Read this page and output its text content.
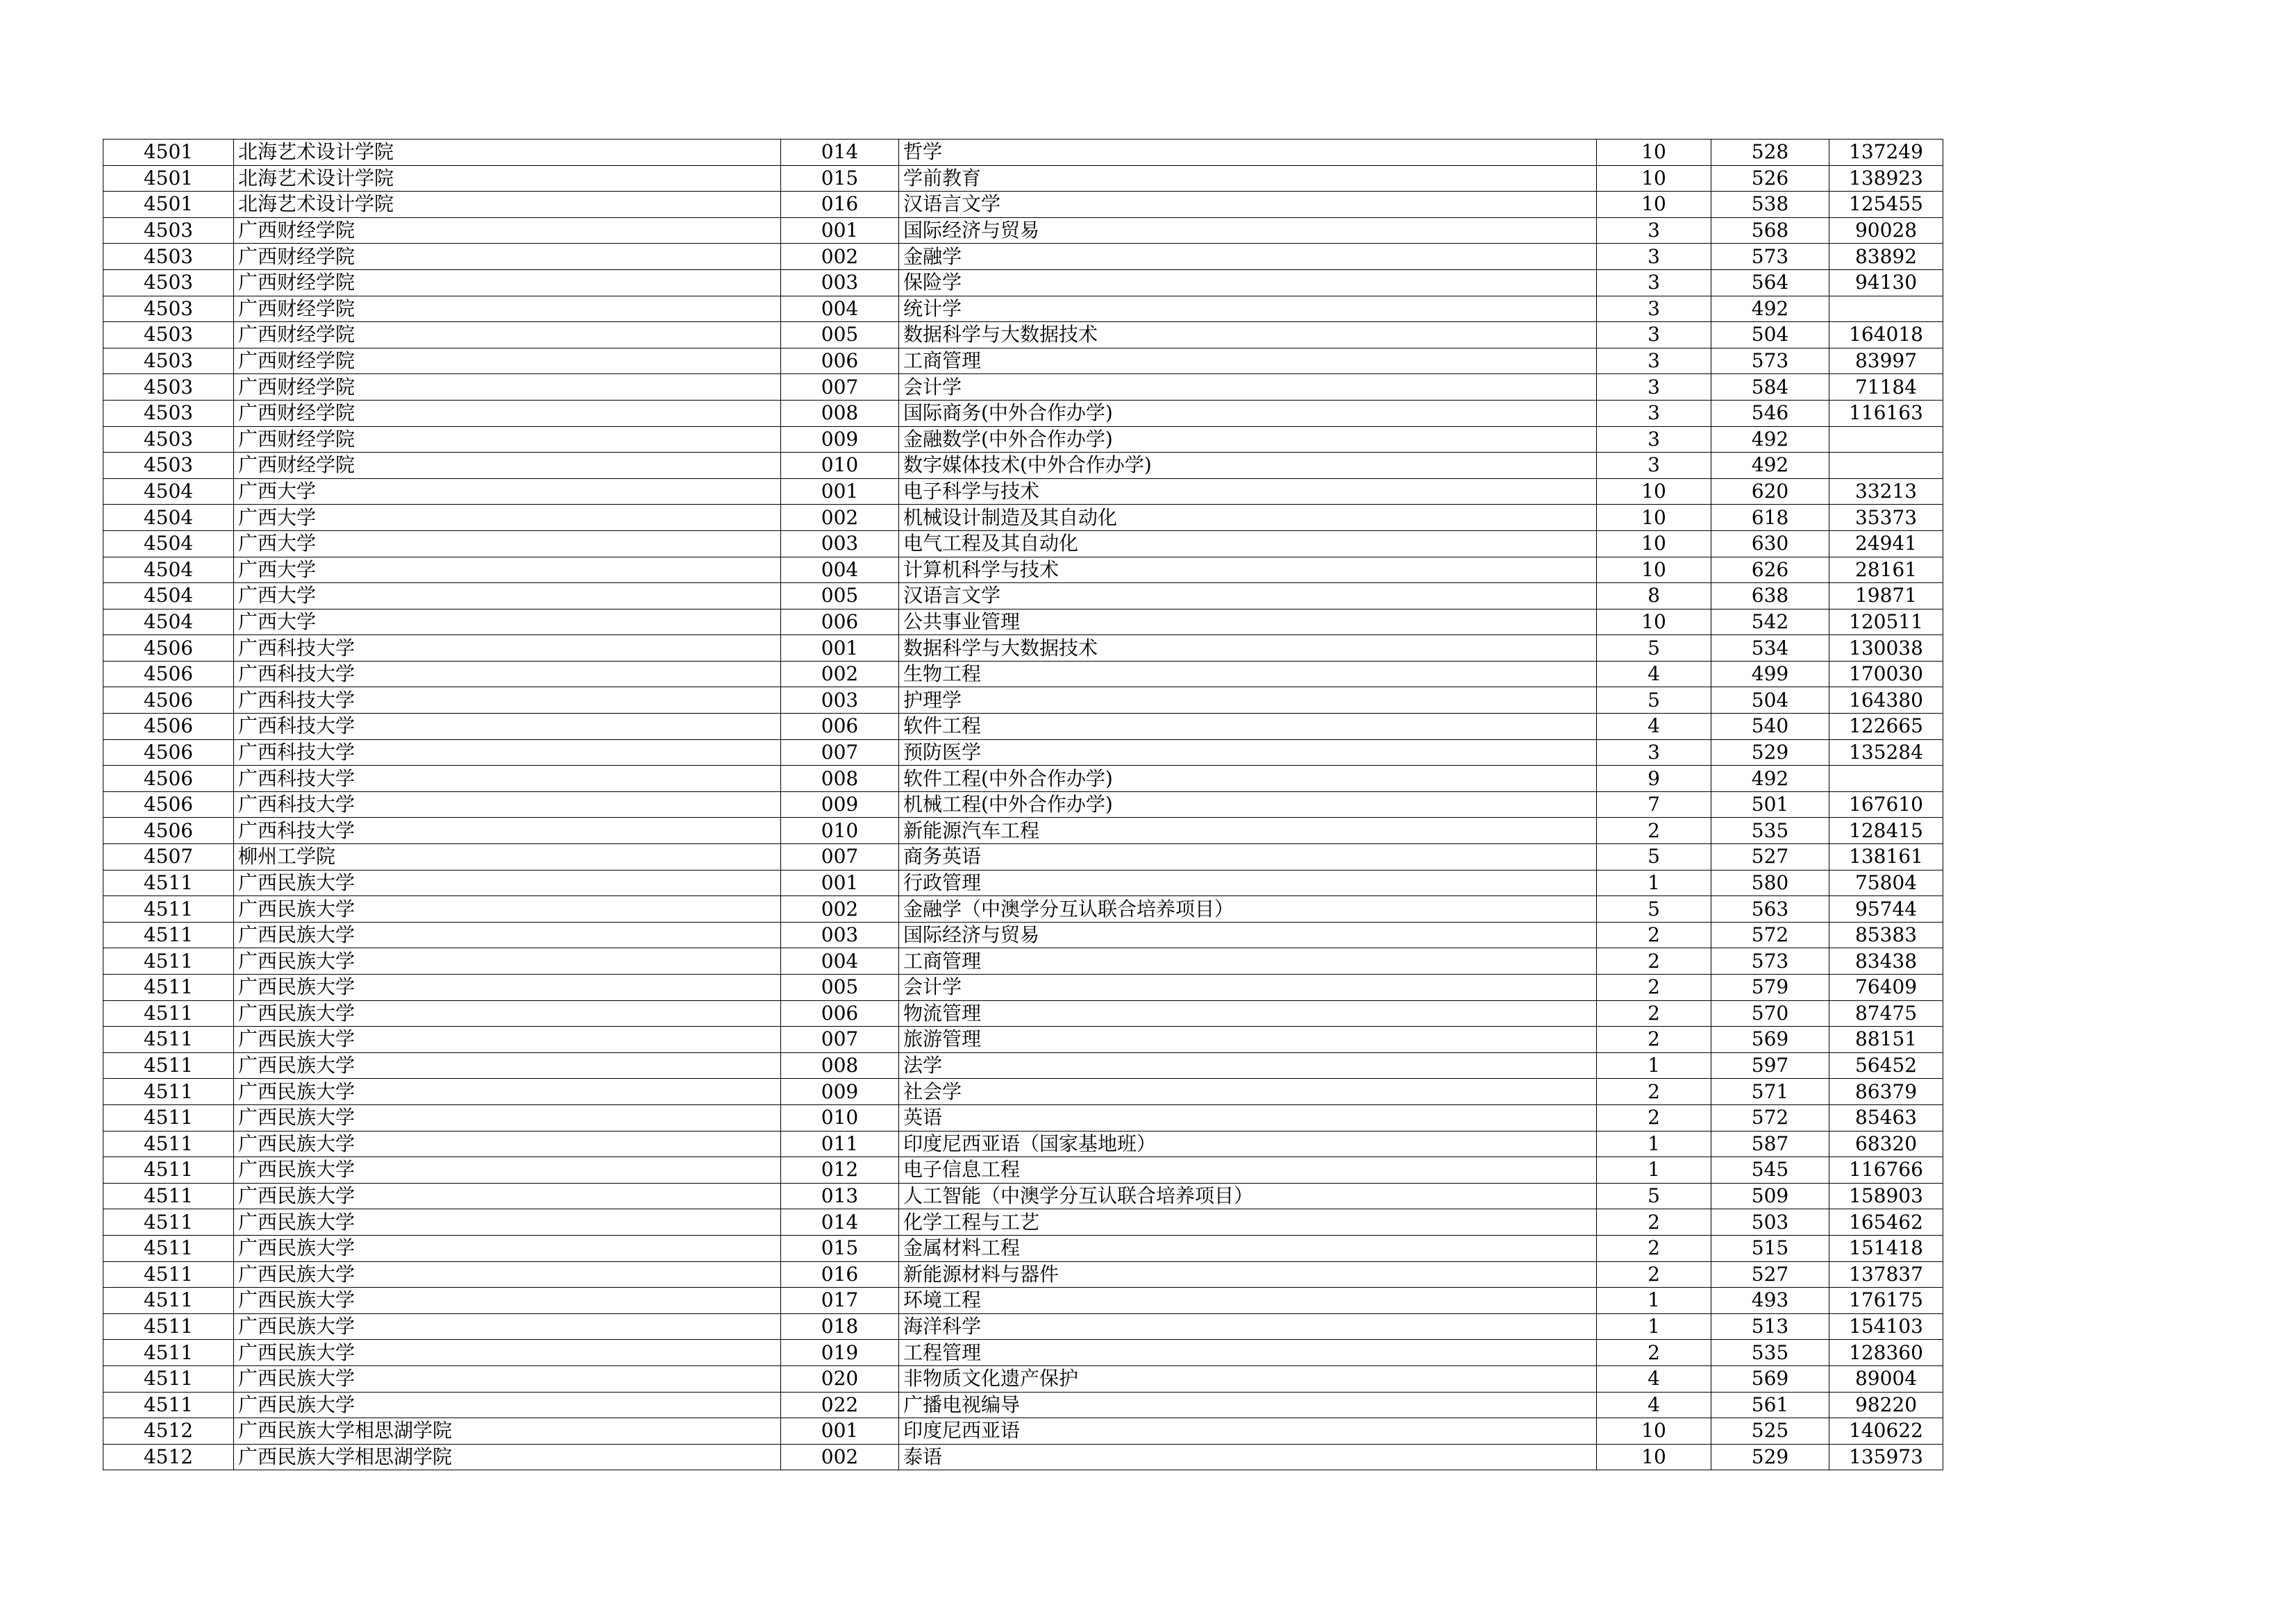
4501	北海艺术设计学院	014	哲学	10	528	137249
4501	北海艺术设计学院	015	学前教育	10	526	138923
4501	北海艺术设计学院	016	汉语言文学	10	538	125455
4503	广西财经学院	001	国际经济与贸易	3	568	90028
4503	广西财经学院	002	金融学	3	573	83892
4503	广西财经学院	003	保险学	3	564	94130
4503	广西财经学院	004	统计学	3	492	
4503	广西财经学院	005	数据科学与大数据技术	3	504	164018
4503	广西财经学院	006	工商管理	3	573	83997
4503	广西财经学院	007	会计学	3	584	71184
4503	广西财经学院	008	国际商务(中外合作办学)	3	546	116163
4503	广西财经学院	009	金融数学(中外合作办学)	3	492	
4503	广西财经学院	010	数字媒体技术(中外合作办学)	3	492	
4504	广西大学	001	电子科学与技术	10	620	33213
4504	广西大学	002	机械设计制造及其自动化	10	618	35373
4504	广西大学	003	电气工程及其自动化	10	630	24941
4504	广西大学	004	计算机科学与技术	10	626	28161
4504	广西大学	005	汉语言文学	8	638	19871
4504	广西大学	006	公共事业管理	10	542	120511
4506	广西科技大学	001	数据科学与大数据技术	5	534	130038
4506	广西科技大学	002	生物工程	4	499	170030
4506	广西科技大学	003	护理学	5	504	164380
4506	广西科技大学	006	软件工程	4	540	122665
4506	广西科技大学	007	预防医学	3	529	135284
4506	广西科技大学	008	软件工程(中外合作办学)	9	492	
4506	广西科技大学	009	机械工程(中外合作办学)	7	501	167610
4506	广西科技大学	010	新能源汽车工程	2	535	128415
4507	柳州工学院	007	商务英语	5	527	138161
4511	广西民族大学	001	行政管理	1	580	75804
4511	广西民族大学	002	金融学（中澳学分互认联合培养项目）	5	563	95744
4511	广西民族大学	003	国际经济与贸易	2	572	85383
4511	广西民族大学	004	工商管理	2	573	83438
4511	广西民族大学	005	会计学	2	579	76409
4511	广西民族大学	006	物流管理	2	570	87475
4511	广西民族大学	007	旅游管理	2	569	88151
4511	广西民族大学	008	法学	1	597	56452
4511	广西民族大学	009	社会学	2	571	86379
4511	广西民族大学	010	英语	2	572	85463
4511	广西民族大学	011	印度尼西亚语（国家基地班）	1	587	68320
4511	广西民族大学	012	电子信息工程	1	545	116766
4511	广西民族大学	013	人工智能（中澳学分互认联合培养项目）	5	509	158903
4511	广西民族大学	014	化学工程与工艺	2	503	165462
4511	广西民族大学	015	金属材料工程	2	515	151418
4511	广西民族大学	016	新能源材料与器件	2	527	137837
4511	广西民族大学	017	环境工程	1	493	176175
4511	广西民族大学	018	海洋科学	1	513	154103
4511	广西民族大学	019	工程管理	2	535	128360
4511	广西民族大学	020	非物质文化遗产保护	4	569	89004
4511	广西民族大学	022	广播电视编导	4	561	98220
4512	广西民族大学相思湖学院	001	印度尼西亚语	10	525	140622
4512	广西民族大学相思湖学院	002	泰语	10	529	135973
